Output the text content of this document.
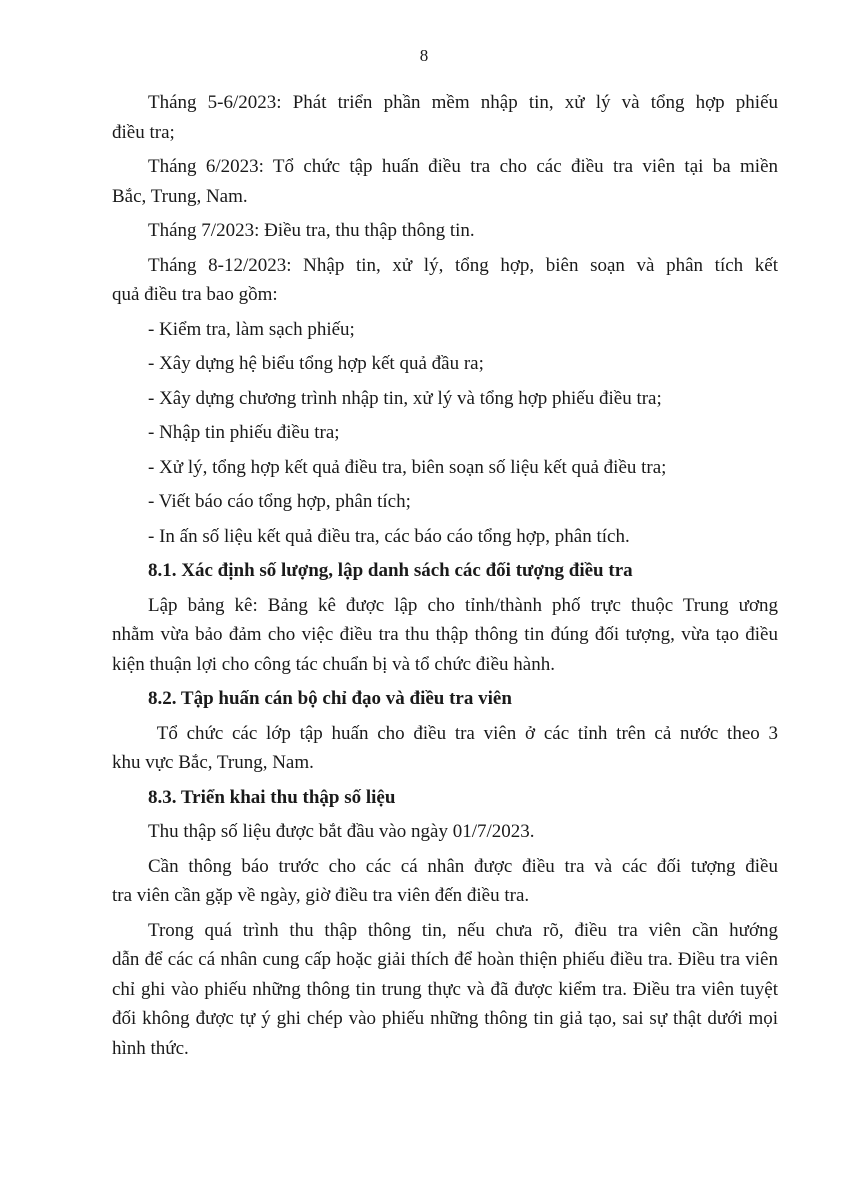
8
Tháng 5-6/2023: Phát triển phần mềm nhập tin, xử lý và tổng hợp phiếu
điều tra;
Tháng 6/2023: Tổ chức tập huấn điều tra cho các điều tra viên tại ba miền
Bắc, Trung, Nam.
Tháng 7/2023: Điều tra, thu thập thông tin.
Tháng 8-12/2023: Nhập tin, xử lý, tổng hợp, biên soạn và phân tích kết
quả điều tra bao gồm:
- Kiểm tra, làm sạch phiếu;
- Xây dựng hệ biểu tổng hợp kết quả đầu ra;
- Xây dựng chương trình nhập tin, xử lý và tổng hợp phiếu điều tra;
- Nhập tin phiếu điều tra;
- Xử lý, tổng hợp kết quả điều tra, biên soạn số liệu kết quả điều tra;
- Viết báo cáo tổng hợp, phân tích;
- In ấn số liệu kết quả điều tra, các báo cáo tổng hợp, phân tích.
8.1. Xác định số lượng, lập danh sách các đối tượng điều tra
Lập bảng kê: Bảng kê được lập cho tỉnh/thành phố trực thuộc Trung ương
nhằm vừa bảo đảm cho việc điều tra thu thập thông tin đúng đối tượng, vừa tạo điều kiện thuận lợi cho công tác chuẩn bị và tổ chức điều hành.
8.2. Tập huấn cán bộ chỉ đạo và điều tra viên
Tổ chức các lớp tập huấn cho điều tra viên ở các tỉnh trên cả nước theo 3
khu vực Bắc, Trung, Nam.
8.3. Triển khai thu thập số liệu
Thu thập số liệu được bắt đầu vào ngày 01/7/2023.
Cần thông báo trước cho các cá nhân được điều tra và các đối tượng điều
tra viên cần gặp về ngày, giờ điều tra viên đến điều tra.
Trong quá trình thu thập thông tin, nếu chưa rõ, điều tra viên cần hướng
dẫn để các cá nhân cung cấp hoặc giải thích để hoàn thiện phiếu điều tra. Điều tra viên chỉ ghi vào phiếu những thông tin trung thực và đã được kiểm tra. Điều tra viên tuyệt đối không được tự ý ghi chép vào phiếu những thông tin giả tạo, sai sự thật dưới mọi hình thức.
